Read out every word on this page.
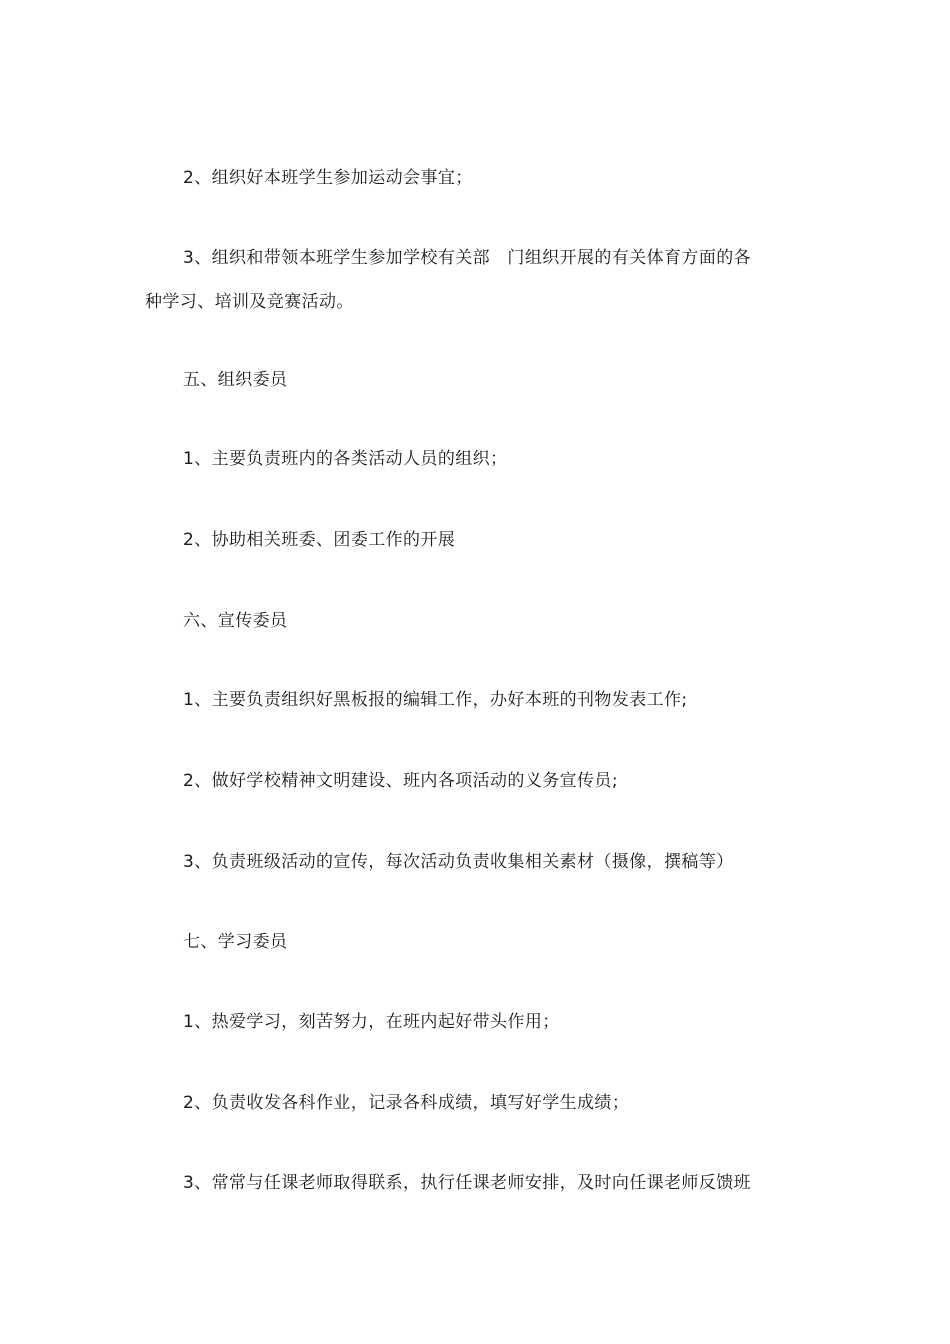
2、组织好本班学生参加运动会事宜；
3、组织和带领本班学生参加学校有关部　门组织开展的有关体育方面的各
种学习、培训及竞赛活动。
五、组织委员
1、主要负责班内的各类活动人员的组织；
2、协助相关班委、团委工作的开展
六、宣传委员
1、主要负责组织好黑板报的编辑工作，办好本班的刊物发表工作;
2、做好学校精神文明建设、班内各项活动的义务宣传员;
3、负责班级活动的宣传，每次活动负责收集相关素材（摄像，撰稿等）
七、学习委员
1、热爱学习，刻苦努力，在班内起好带头作用；
2、负责收发各科作业，记录各科成绩，填写好学生成绩；
3、常常与任课老师取得联系，执行任课老师安排，及时向任课老师反馈班
